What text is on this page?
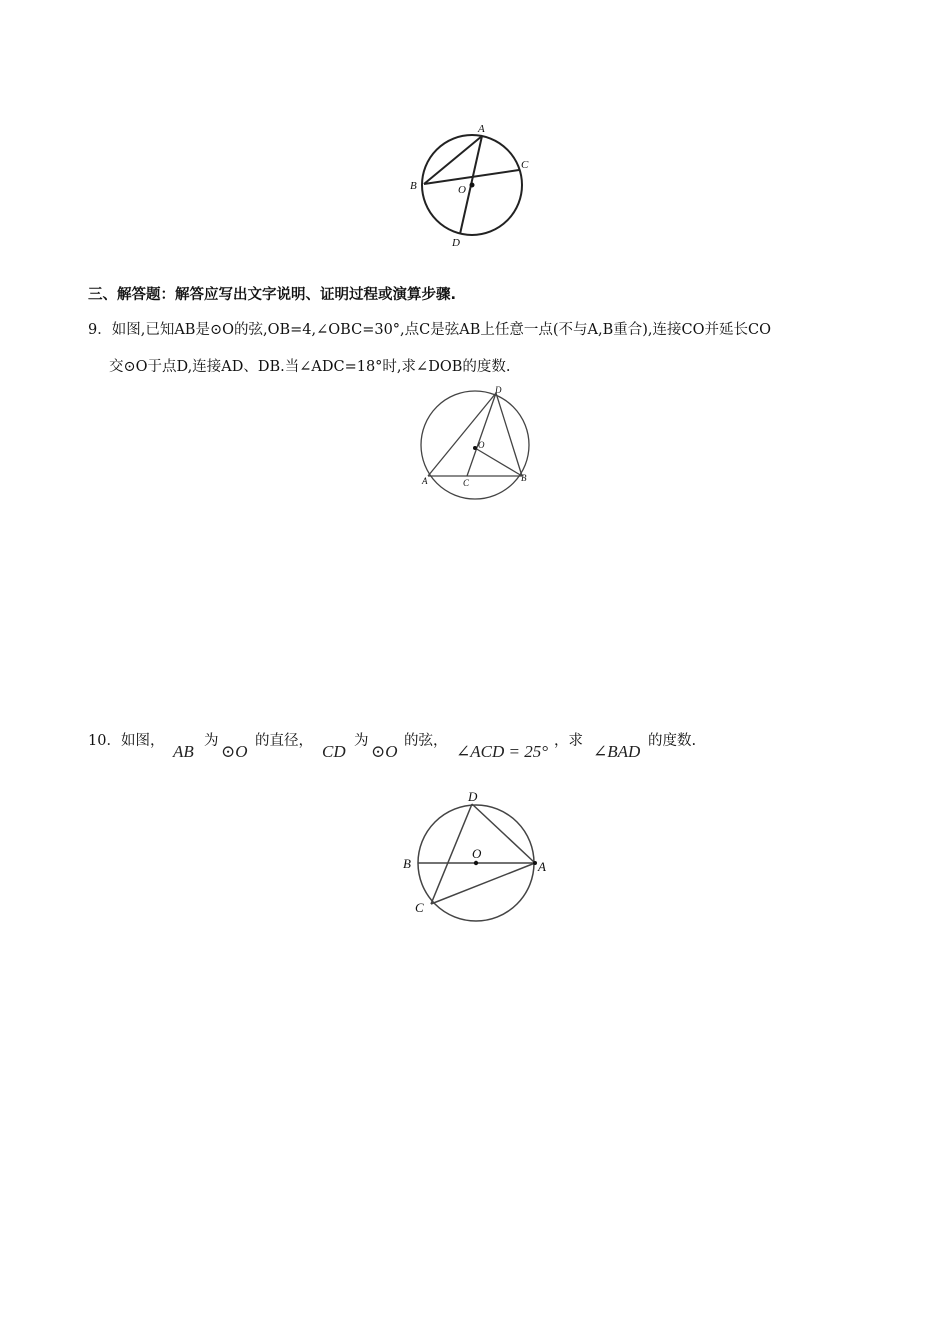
A
B
C
O
D
三、解答题：解答应写出文字说明、证明过程或演算步骤.
9．如图,已知AB是⊙O的弦,OB=4,∠OBC=30°,点C是弦AB上任意一点(不与A,B重合),连接CO并延长CO
交⊙O于点D,连接AD、DB.当∠ADC=18°时,求∠DOB的度数.
D
O
A	C	B
10．如图，
AB
为
⊙O
的直径，
CD
为
⊙O
的弦，
∠ACD = 25°
，求
∠BAD
的度数.
D
O
B	A
C
